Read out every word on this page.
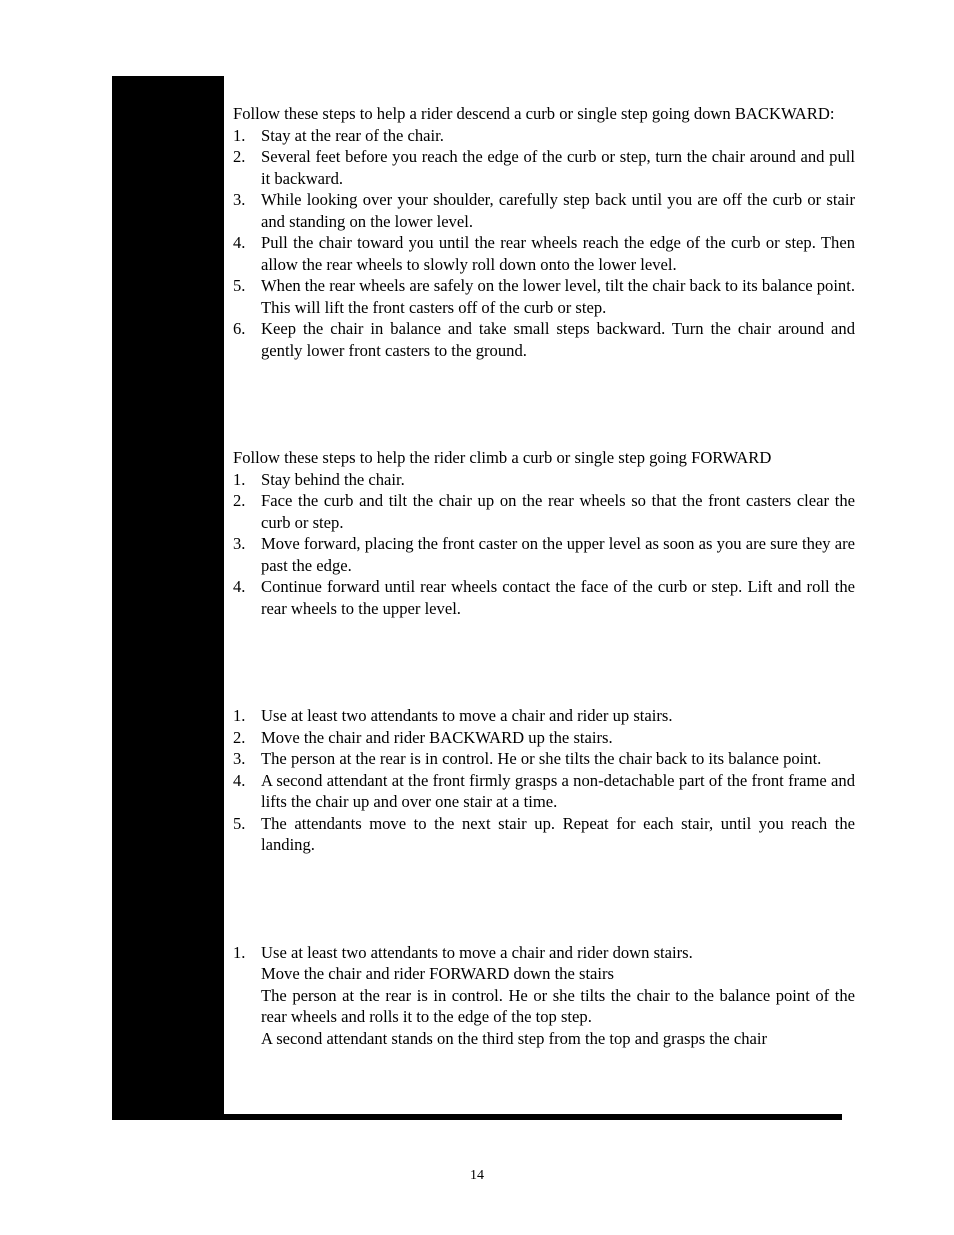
Follow these steps to help a rider descend a curb or single step going down BACKWARD:

1. Stay at the rear of the chair.
2. Several feet before you reach the edge of the curb or step, turn the chair around and pull it backward.
3. While looking over your shoulder, carefully step back until you are off the curb or stair and standing on the lower level.
4. Pull the chair toward you until the rear wheels reach the edge of the curb or step. Then allow the rear wheels to slowly roll down onto the lower level.
5. When the rear wheels are safely on the lower level, tilt the chair back to its balance point. This will lift the front casters off of the curb or step.
6. Keep the chair in balance and take small steps backward. Turn the chair around and gently lower front casters to the ground.

Follow these steps to help the rider climb a curb or single step going FORWARD

1. Stay behind the chair.
2. Face the curb and tilt the chair up on the rear wheels so that the front casters clear the curb or step.
3. Move forward, placing the front caster on the upper level as soon as you are sure they are past the edge.
4. Continue forward until rear wheels contact the face of the curb or step. Lift and roll the rear wheels to the upper level.
1. Use at least two attendants to move a chair and rider up stairs.
2. Move the chair and rider BACKWARD up the stairs.
3. The person at the rear is in control. He or she tilts the chair back to its balance point.
4. A second attendant at the front firmly grasps a non-detachable part of the front frame and lifts the chair up and over one stair at a time.
5. The attendants move to the next stair up. Repeat for each stair, until you reach the landing.
1. Use at least two attendants to move a chair and rider down stairs.
Move the chair and rider FORWARD down the stairs
The person at the rear is in control. He or she tilts the chair to the balance point of the rear wheels and rolls it to the edge of the top step.
A second attendant stands on the third step from the top and grasps the chair
14
